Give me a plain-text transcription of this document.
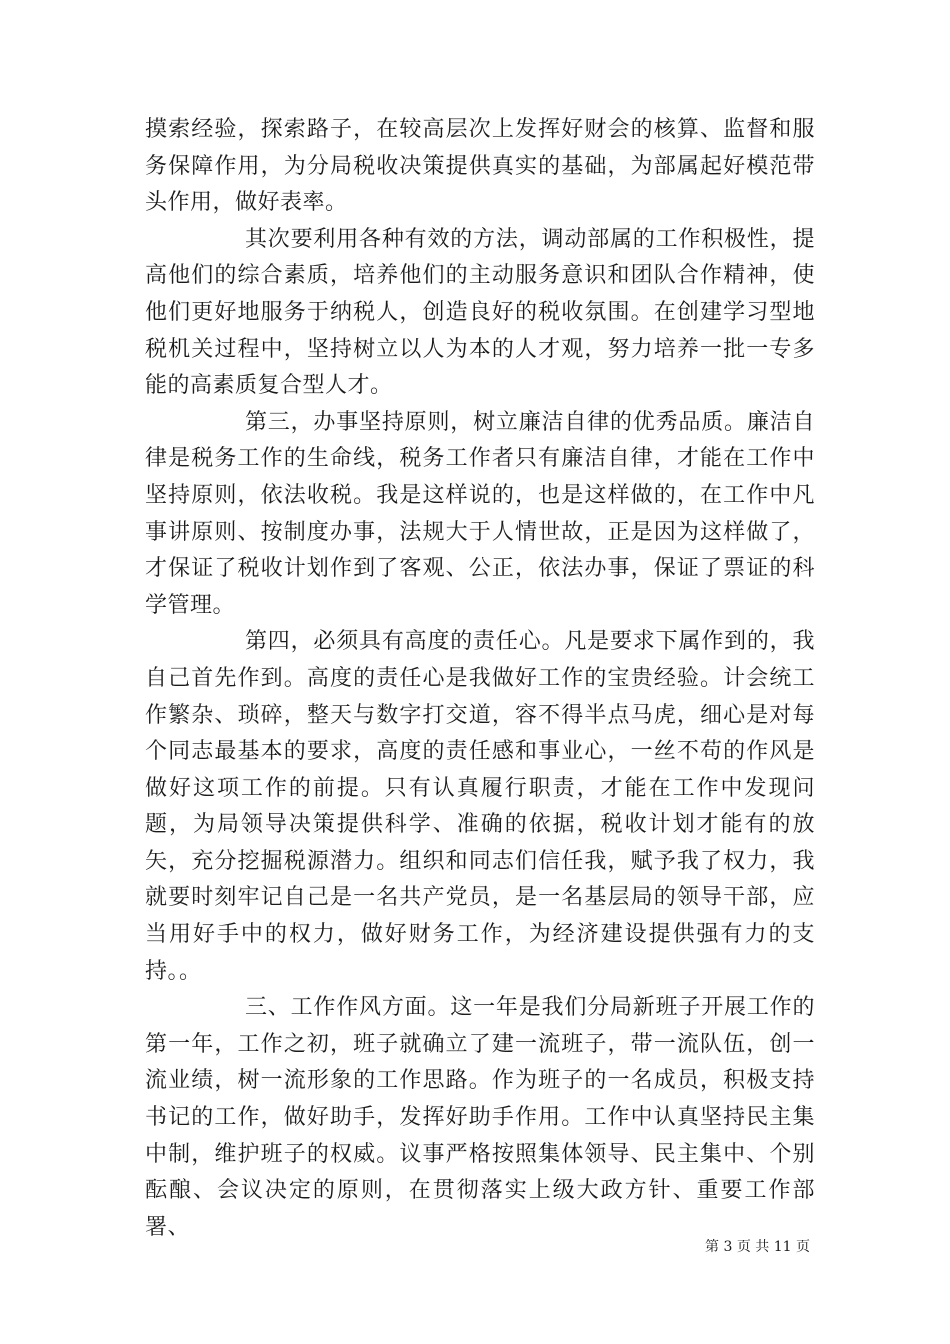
摸索经验，探索路子，在较高层次上发挥好财会的核算、监督和服务保障作用，为分局税收决策提供真实的基础，为部属起好模范带头作用，做好表率。

其次要利用各种有效的方法，调动部属的工作积极性，提高他们的综合素质，培养他们的主动服务意识和团队合作精神，使他们更好地服务于纳税人，创造良好的税收氛围。在创建学习型地税机关过程中，坚持树立以人为本的人才观，努力培养一批一专多能的高素质复合型人才。

第三，办事坚持原则，树立廉洁自律的优秀品质。廉洁自律是税务工作的生命线，税务工作者只有廉洁自律，才能在工作中坚持原则，依法收税。我是这样说的，也是这样做的，在工作中凡事讲原则、按制度办事，法规大于人情世故，正是因为这样做了，才保证了税收计划作到了客观、公正，依法办事，保证了票证的科学管理。

第四，必须具有高度的责任心。凡是要求下属作到的，我自己首先作到。高度的责任心是我做好工作的宝贵经验。计会统工作繁杂、琐碎，整天与数字打交道，容不得半点马虎，细心是对每个同志最基本的要求，高度的责任感和事业心，一丝不苟的作风是做好这项工作的前提。只有认真履行职责，才能在工作中发现问题，为局领导决策提供科学、准确的依据，税收计划才能有的放矢，充分挖掘税源潜力。组织和同志们信任我，赋予我了权力，我就要时刻牢记自己是一名共产党员，是一名基层局的领导干部，应当用好手中的权力，做好财务工作，为经济建设提供强有力的支持。。

三、工作作风方面。这一年是我们分局新班子开展工作的第一年，工作之初，班子就确立了建一流班子，带一流队伍，创一流业绩，树一流形象的工作思路。作为班子的一名成员，积极支持书记的工作，做好助手，发挥好助手作用。工作中认真坚持民主集中制，维护班子的权威。议事严格按照集体领导、民主集中、个别酝酿、会议决定的原则，在贯彻落实上级大政方针、重要工作部署、

第 3 页 共 11 页
